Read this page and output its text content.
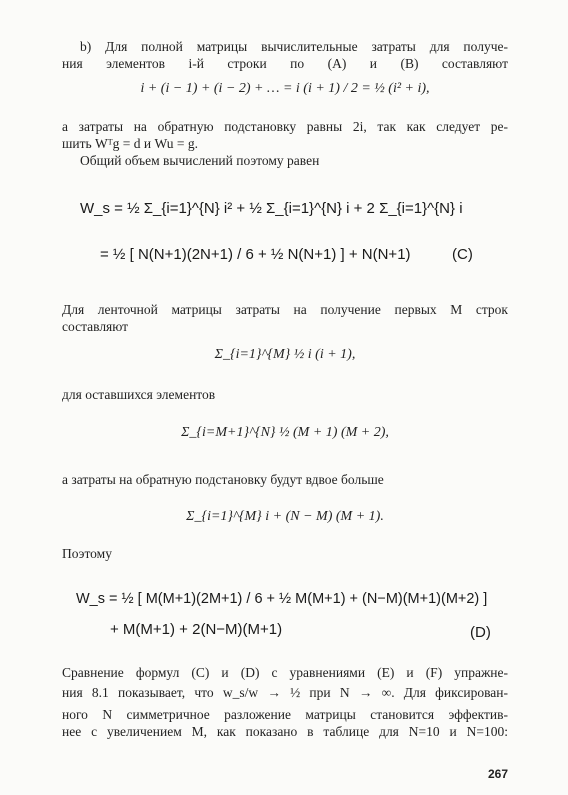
b) Для полной матрицы вычислительные затраты для получе-
ния элементов i-й строки по (A) и (B) составляют
i + (i − 1) + (i − 2) + … = i (i + 1) / 2 = ½ (i² + i),
а затраты на обратную подстановку равны 2i, так как следует ре-
шить Wᵀg = d и Wu = g.
Общий объем вычислений поэтому равен
W_s = ½ Σ_{i=1}^{N} i² + ½ Σ_{i=1}^{N} i + 2 Σ_{i=1}^{N} i
= ½ [ N(N+1)(2N+1) / 6 + ½ N(N+1) ] + N(N+1)	(C)
Для ленточной матрицы затраты на получение первых M строк
составляют
Σ_{i=1}^{M} ½ i (i + 1),
для оставшихся элементов
Σ_{i=M+1}^{N} ½ (M + 1) (M + 2),
а затраты на обратную подстановку будут вдвое больше
Σ_{i=1}^{M} i + (N − M) (M + 1).
Поэтому
W_s = ½ [ M(M+1)(2M+1) / 6 + ½ M(M+1) + (N−M)(M+1)(M+2) ]
+ M(M+1) + 2(N−M)(M+1)	(D)
Сравнение формул (C) и (D) с уравнениями (E) и (F) упражне-
ния 8.1 показывает, что w_s/w → ½ при N → ∞. Для фиксирован-
ного N симметричное разложение матрицы становится эффектив-
нее с увеличением M, как показано в таблице для N=10 и N=100:
267
